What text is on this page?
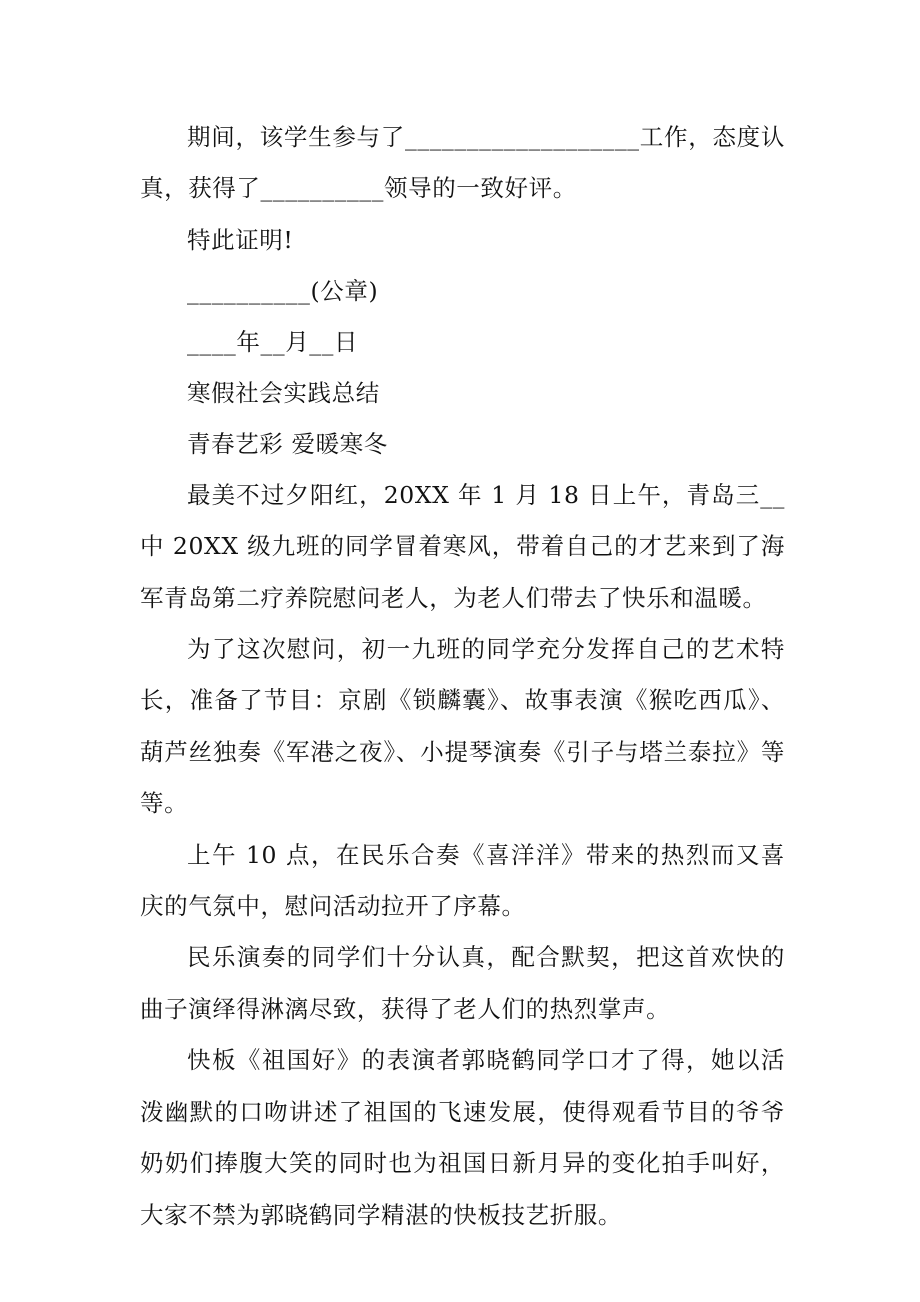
期间，该学生参与了___________________工作，态度认真，获得了__________领导的一致好评。

特此证明!
__________(公章)
____年__月__日
寒假社会实践总结
青春艺彩 爱暖寒冬

最美不过夕阳红，20XX 年 1 月 18 日上午，青岛三__中 20XX 级九班的同学冒着寒风，带着自己的才艺来到了海军青岛第二疗养院慰问老人，为老人们带去了快乐和温暖。

为了这次慰问，初一九班的同学充分发挥自己的艺术特长，准备了节目：京剧《锁麟囊》、故事表演《猴吃西瓜》、葫芦丝独奏《军港之夜》、小提琴演奏《引子与塔兰泰拉》等等。

上午 10 点，在民乐合奏《喜洋洋》带来的热烈而又喜庆的气氛中，慰问活动拉开了序幕。

民乐演奏的同学们十分认真，配合默契，把这首欢快的曲子演绎得淋漓尽致，获得了老人们的热烈掌声。

快板《祖国好》的表演者郭晓鹤同学口才了得，她以活泼幽默的口吻讲述了祖国的飞速发展，使得观看节目的爷爷奶奶们捧腹大笑的同时也为祖国日新月异的变化拍手叫好，大家不禁为郭晓鹤同学精湛的快板技艺折服。
